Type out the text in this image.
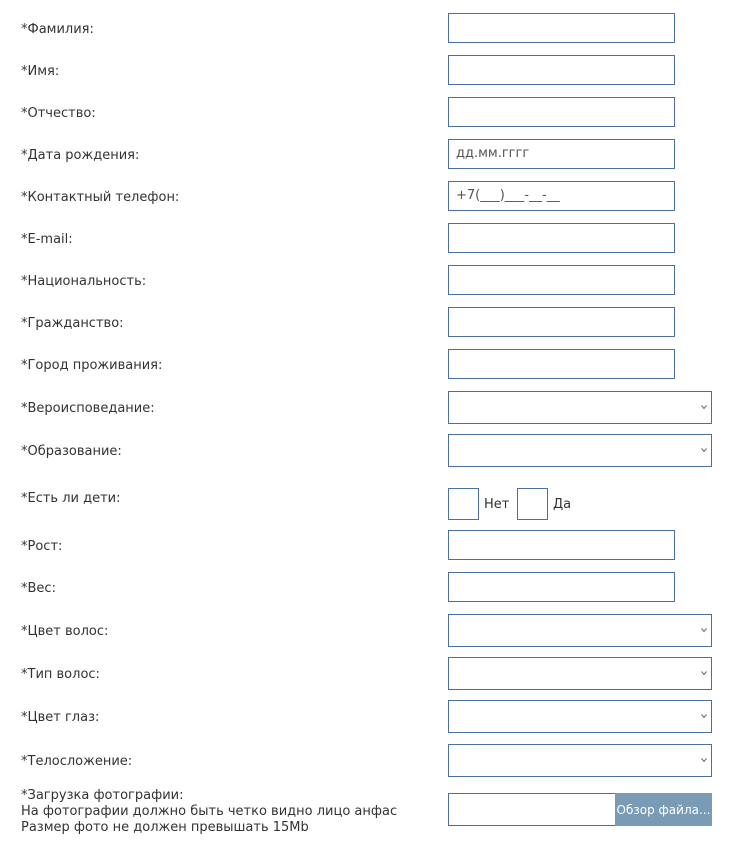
*Фамилия:
*Имя:
*Отчество:
*Дата рождения:	дд.мм.гггг
*Контактный телефон:	+7(___)___-__-__
*E-mail:
*Национальность:
*Гражданство:
*Город проживания:
*Вероисповедание:
*Образование:
*Есть ли дети:	Нет	Да
*Рост:
*Вес:
*Цвет волос:
*Тип волос:
*Цвет глаз:
*Телосложение:
*Загрузка фотографии:
На фотографии должно быть четко видно лицо анфас
Размер фото не должен превышать 15Mb
Обзор файла...
